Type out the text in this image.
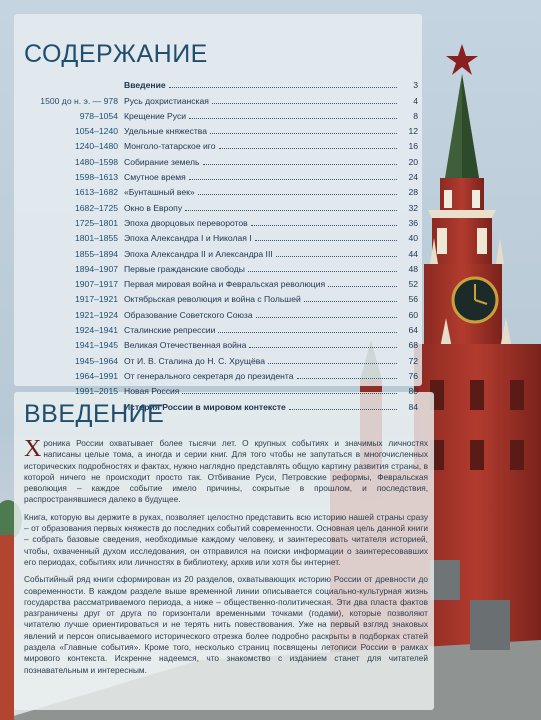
СОДЕРЖАНИЕ
Введение	3
1500 до н. э. — 978 Русь дохристианская	4
978–1054 Крещение Руси	8
1054–1240 Удельные княжества	12
1240–1480 Монголо-татарское иго	16
1480–1598 Собирание земель	20
1598–1613 Смутное время	24
1613–1682 «Бунташный век»	28
1682–1725 Окно в Европу	32
1725–1801 Эпоха дворцовых переворотов	36
1801–1855 Эпоха Александра I и Николая I	40
1855–1894 Эпоха Александра II и Александра III	44
1894–1907 Первые гражданские свободы	48
1907–1917 Первая мировая война и Февральская революция	52
1917–1921 Октябрьская революция и война с Польшей	56
1921–1924 Образование Советского Союза	60
1924–1941 Сталинские репрессии	64
1941–1945 Великая Отечественная война	68
1945–1964 От И. В. Сталина до Н. С. Хрущёва	72
1964–1991 От генерального секретаря до президента	76
1991–2015 Новая Россия	80
История России в мировом контексте	84
ВВЕДЕНИЕ

Хроника России охватывает более тысячи лет. О крупных событиях и значимых личностях написаны целые тома, а иногда и серии книг. Для того чтобы не запутаться в многочисленных исторических подробностях и фактах, нужно наглядно представлять общую картину развития страны, в которой ничего не происходит просто так. Отбивание Руси, Петровские реформы, Февральская революция – каждое событие имело причины, сокрытые в прошлом, и последствия, распространявшиеся далеко в будущее.

Книга, которую вы держите в руках, позволяет целостно представить всю историю нашей страны сразу – от образования первых княжеств до последних событий современности. Основная цель данной книги – собрать базовые сведения, необходимые каждому человеку, и заинтересовать читателя историей, чтобы, охваченный духом исследования, он отправился на поиски информации о заинтересовавших его периодах, событиях или личностях в библиотеку, архив или хотя бы интернет.

Событийный ряд книги сформирован из 20 разделов, охватывающих историю России от древности до современности. В каждом разделе выше временной линии описывается социально-культурная жизнь государства рассматриваемого периода, а ниже – общественно-политическая. Эти два пласта фактов разграничены друг от друга по горизонтали временными точками (годами), которые позволяют читателю лучше ориентироваться и не терять нить повествования. Уже на первый взгляд знаковых явлений и персон описываемого исторического отрезка более подробно раскрыты в подборках статей раздела «Главные события». Кроме того, несколько страниц посвящены летописи России в рамках мирового контекста. Искренне надеемся, что знакомство с изданием станет для читателей познавательным и интересным.
